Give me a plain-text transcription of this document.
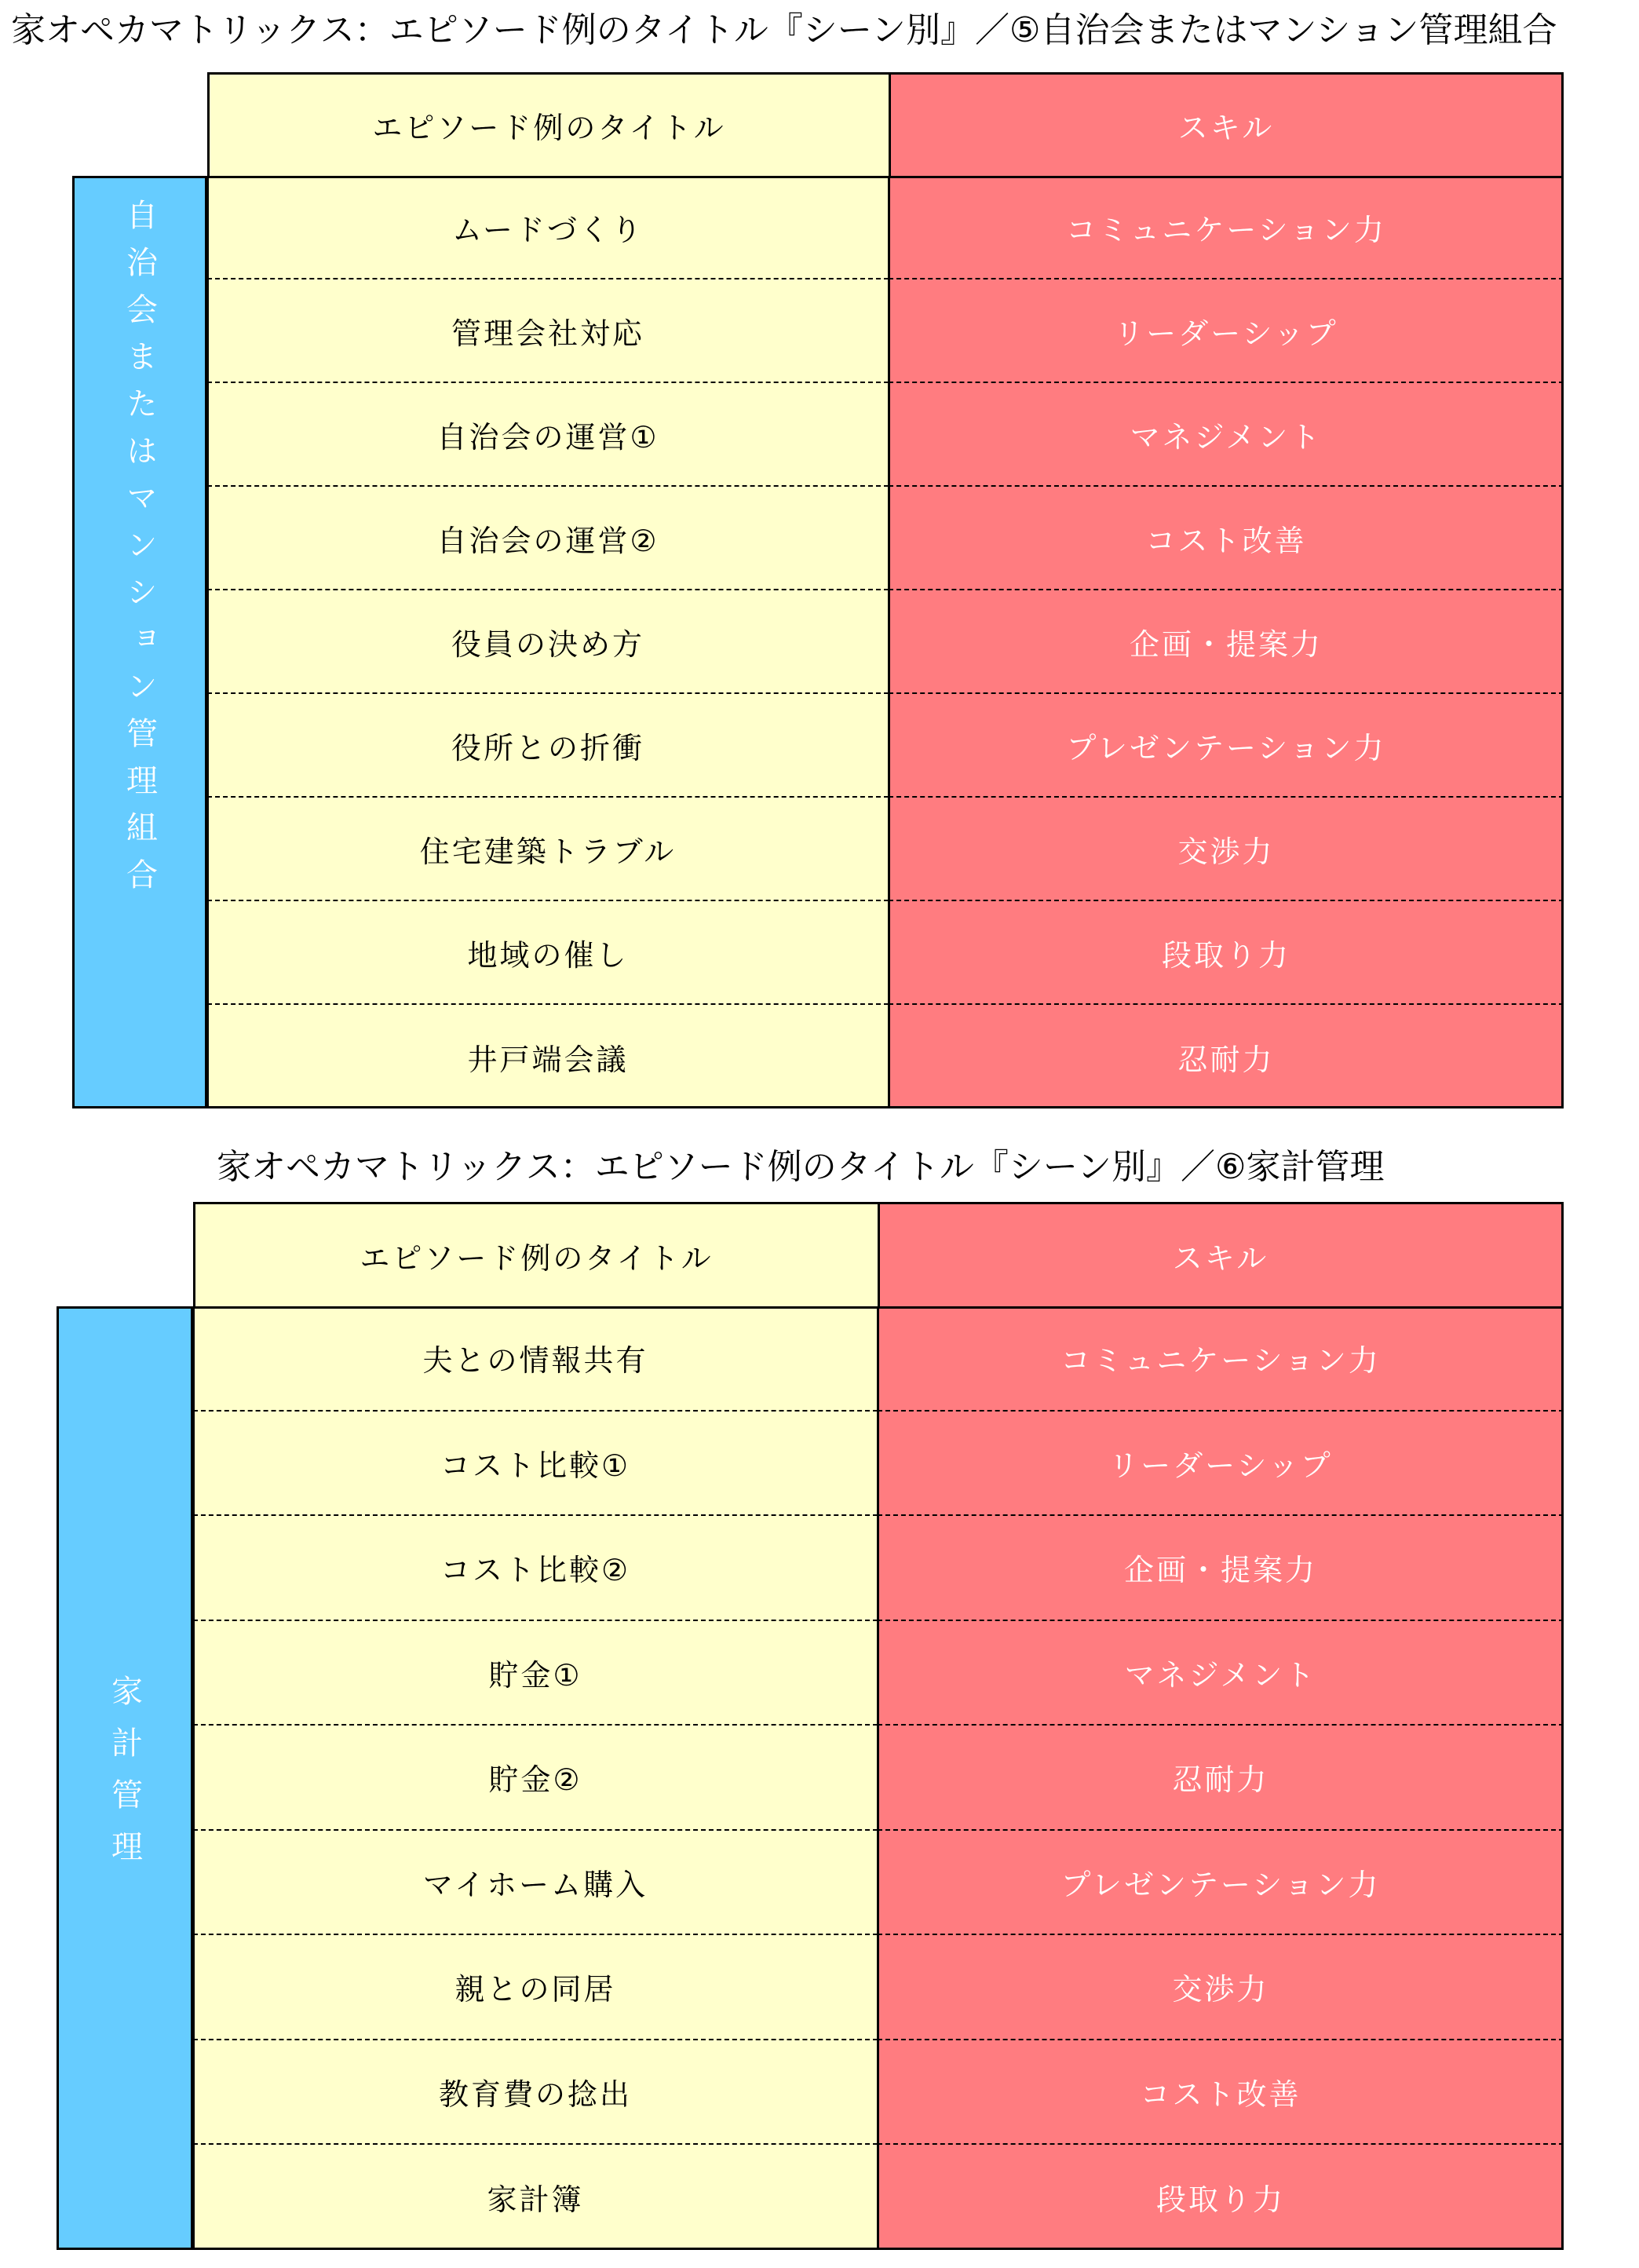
家オペカマトリックス：エピソード例のタイトル『シーン別』／⑤自治会またはマンション管理組合
自治会またはマンション管理組合
エピソード例のタイトル	スキル
ムードづくり	コミュニケーション力
管理会社対応	リーダーシップ
自治会の運営①	マネジメント
自治会の運営②	コスト改善
役員の決め方	企画・提案力
役所との折衝	プレゼンテーション力
住宅建築トラブル	交渉力
地域の催し	段取り力
井戸端会議	忍耐力
家オペカマトリックス：エピソード例のタイトル『シーン別』／⑥家計管理
家計管理
エピソード例のタイトル	スキル
夫との情報共有	コミュニケーション力
コスト比較①	リーダーシップ
コスト比較②	企画・提案力
貯金①	マネジメント
貯金②	忍耐力
マイホーム購入	プレゼンテーション力
親との同居	交渉力
教育費の捻出	コスト改善
家計簿	段取り力
